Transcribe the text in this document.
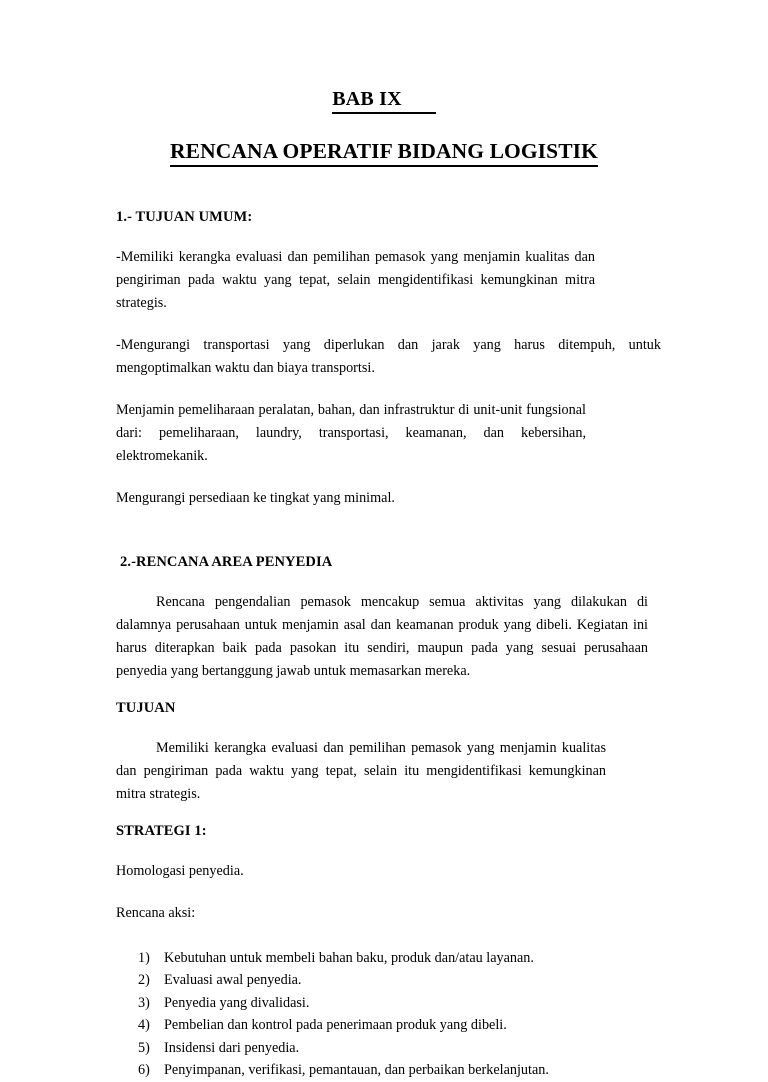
BAB IX
RENCANA OPERATIF BIDANG LOGISTIK
1.- TUJUAN UMUM:

-Memiliki kerangka evaluasi dan pemilihan pemasok yang menjamin kualitas dan pengiriman pada waktu yang tepat, selain mengidentifikasi kemungkinan mitra strategis.

-Mengurangi transportasi yang diperlukan dan jarak yang harus ditempuh, untuk mengoptimalkan waktu dan biaya transportsi.

Menjamin pemeliharaan peralatan, bahan, dan infrastruktur di unit-unit fungsional dari: pemeliharaan, laundry, transportasi, keamanan, dan kebersihan, elektromekanik.

Mengurangi persediaan ke tingkat yang minimal.

2.-RENCANA AREA PENYEDIA

Rencana pengendalian pemasok mencakup semua aktivitas yang dilakukan di dalamnya perusahaan untuk menjamin asal dan keamanan produk yang dibeli. Kegiatan ini harus diterapkan baik pada pasokan itu sendiri, maupun pada yang sesuai perusahaan penyedia yang bertanggung jawab untuk memasarkan mereka.

TUJUAN

Memiliki kerangka evaluasi dan pemilihan pemasok yang menjamin kualitas dan pengiriman pada waktu yang tepat, selain itu mengidentifikasi kemungkinan mitra strategis.

STRATEGI 1:

Homologasi penyedia.

Rencana aksi:

1) Kebutuhan untuk membeli bahan baku, produk dan/atau layanan.
2) Evaluasi awal penyedia.
3) Penyedia yang divalidasi.
4) Pembelian dan kontrol pada penerimaan produk yang dibeli.
5) Insidensi dari penyedia.
6) Penyimpanan, verifikasi, pemantauan, dan perbaikan berkelanjutan.
